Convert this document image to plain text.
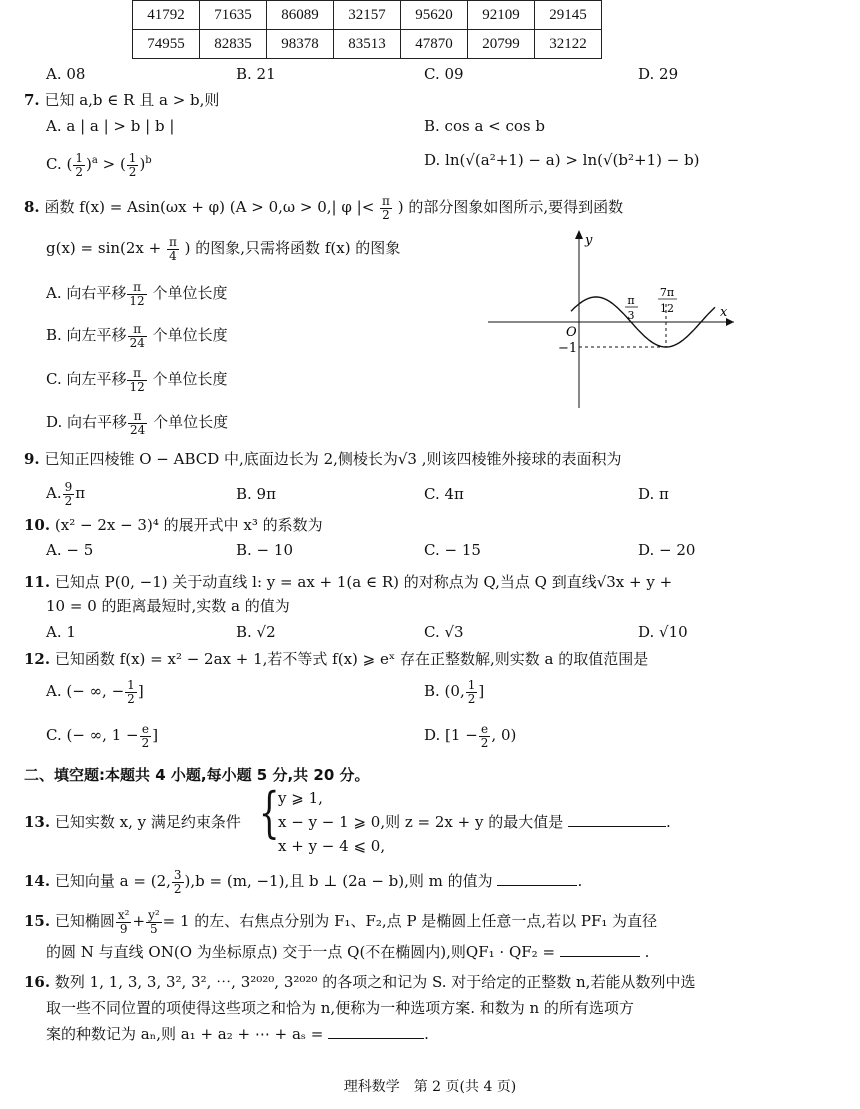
41792	71635	86089	32157	95620	92109	29145
74955	82835	98378	83513	47870	20799	32122
A. 08	B. 21	C. 09	D. 29
7. 已知 a,b ∈ R 且 a > b,则
A. a | a | > b | b |	B. cos a < cos b
C. ( $\frac{1}{2} )^a$ > ( $\frac{1}{2} )^b$	D. ln(√(a²+1) − a) > ln(√(b²+1) − b)
8. 函数 f(x) = Asin(ωx + φ) (A > 0,ω > 0,| φ |< $\frac{\pi}{2}$ ) 的部分图象如图所示,要得到函数
$g(x) = \sin(2x + \frac{\pi}{4}$ ) 的图象,只需将函数 f(x) 的图象
A. 向右平移 $\frac{\pi}{12}$ 个单位长度
B. 向左平移 $\frac{\pi}{24}$ 个单位长度
C. 向左平移 $\frac{\pi}{12}$ 个单位长度
D. 向右平移 $\frac{\pi}{24}$ 个单位长度
y
x
O
−1
π
3
7π
12
9. 已知正四棱锥 O − ABCD 中,底面边长为 2,侧棱长为√3 ,则该四棱锥外接球的表面积为
A. $\frac{9}{2}$ π	B. 9π	C. 4π	D. π
10. (x² − 2x − 3)⁴ 的展开式中 x³ 的系数为
A. − 5	B. − 10	C. − 15	D. − 20
11. 已知点 P(0, −1) 关于动直线 l: y = ax + 1(a ∈ R) 的对称点为 Q,当点 Q 到直线√3x + y +
10 = 0 的距离最短时,实数 a 的值为
A. 1	B. √2	C. √3	D. √10
12. 已知函数 f(x) = x² − 2ax + 1,若不等式 f(x) ⩾ eˣ 存在正整数解,则实数 a 的取值范围是
A. (− ∞, − $\frac{1}{2}$ ]	B. (0, $\frac{1}{2}$ ]
C. (− ∞, $1 - \frac{e}{2}$ ]	D. [$1 - \frac{e}{2}$ , 0)
二、填空题:本题共 4 小题,每小题 5 分,共 20 分。
13. 已知实数 x, y 满足约束条件 {
y ⩾ 1,
x − y − 1 ⩾ 0,则 z = 2x + y 的最大值是	.
x + y − 4 ⩽ 0,
14. 已知向量 a = (2, $\frac{3}{2} ),b = (m$, −1),且 b ⊥ (2a − b),则 m 的值为	.
15. 已知椭圆 $\frac{\text{x²}}{9} + \frac{\text{y²}}{5} = 1$ 的左、右焦点分别为 F₁、F₂,点 P 是椭圆上任意一点,若以 PF₁ 为直径
的圆 N 与直线 ON(O 为坐标原点) 交于一点 Q(不在椭圆内),则QF₁ · QF₂ =	.
16. 数列 1, 1, 3, 3, 3², 3², ⋯, 3²⁰²⁰, 3²⁰²⁰ 的各项之和记为 S. 对于给定的正整数 n,若能从数列中选
取一些不同位置的项使得这些项之和恰为 n,便称为一种选项方案. 和数为 n 的所有选项方
案的种数记为 aₙ,则 a₁ + a₂ + ⋯ + aₛ =	.
理科数学　第 2 页(共 4 页)
